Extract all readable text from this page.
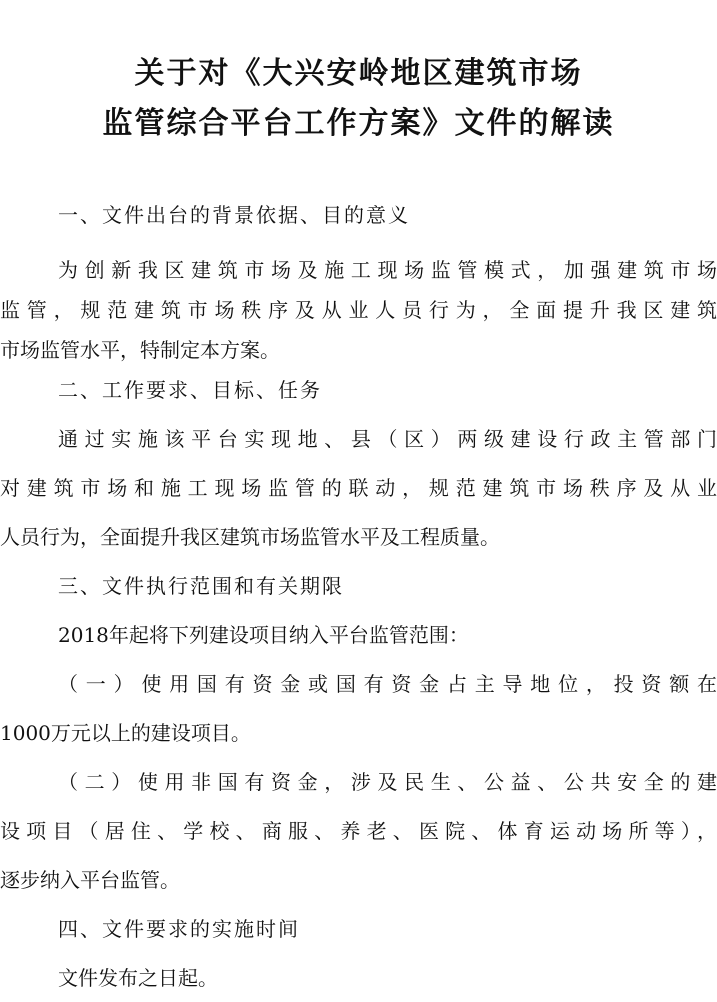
关于对《大兴安岭地区建筑市场
监管综合平台工作方案》文件的解读
一、文件出台的背景依据、目的意义
为创新我区建筑市场及施工现场监管模式，加强建筑市场
监管，规范建筑市场秩序及从业人员行为，全面提升我区建筑
市场监管水平，特制定本方案。
二、工作要求、目标、任务
通过实施该平台实现地、县（区）两级建设行政主管部门
对建筑市场和施工现场监管的联动，规范建筑市场秩序及从业
人员行为，全面提升我区建筑市场监管水平及工程质量。
三、文件执行范围和有关期限
2018年起将下列建设项目纳入平台监管范围：
（一）使用国有资金或国有资金占主导地位，投资额在
1000万元以上的建设项目。
（二）使用非国有资金，涉及民生、公益、公共安全的建
设项目（居住、学校、商服、养老、医院、体育运动场所等），
逐步纳入平台监管。
四、文件要求的实施时间
文件发布之日起。
